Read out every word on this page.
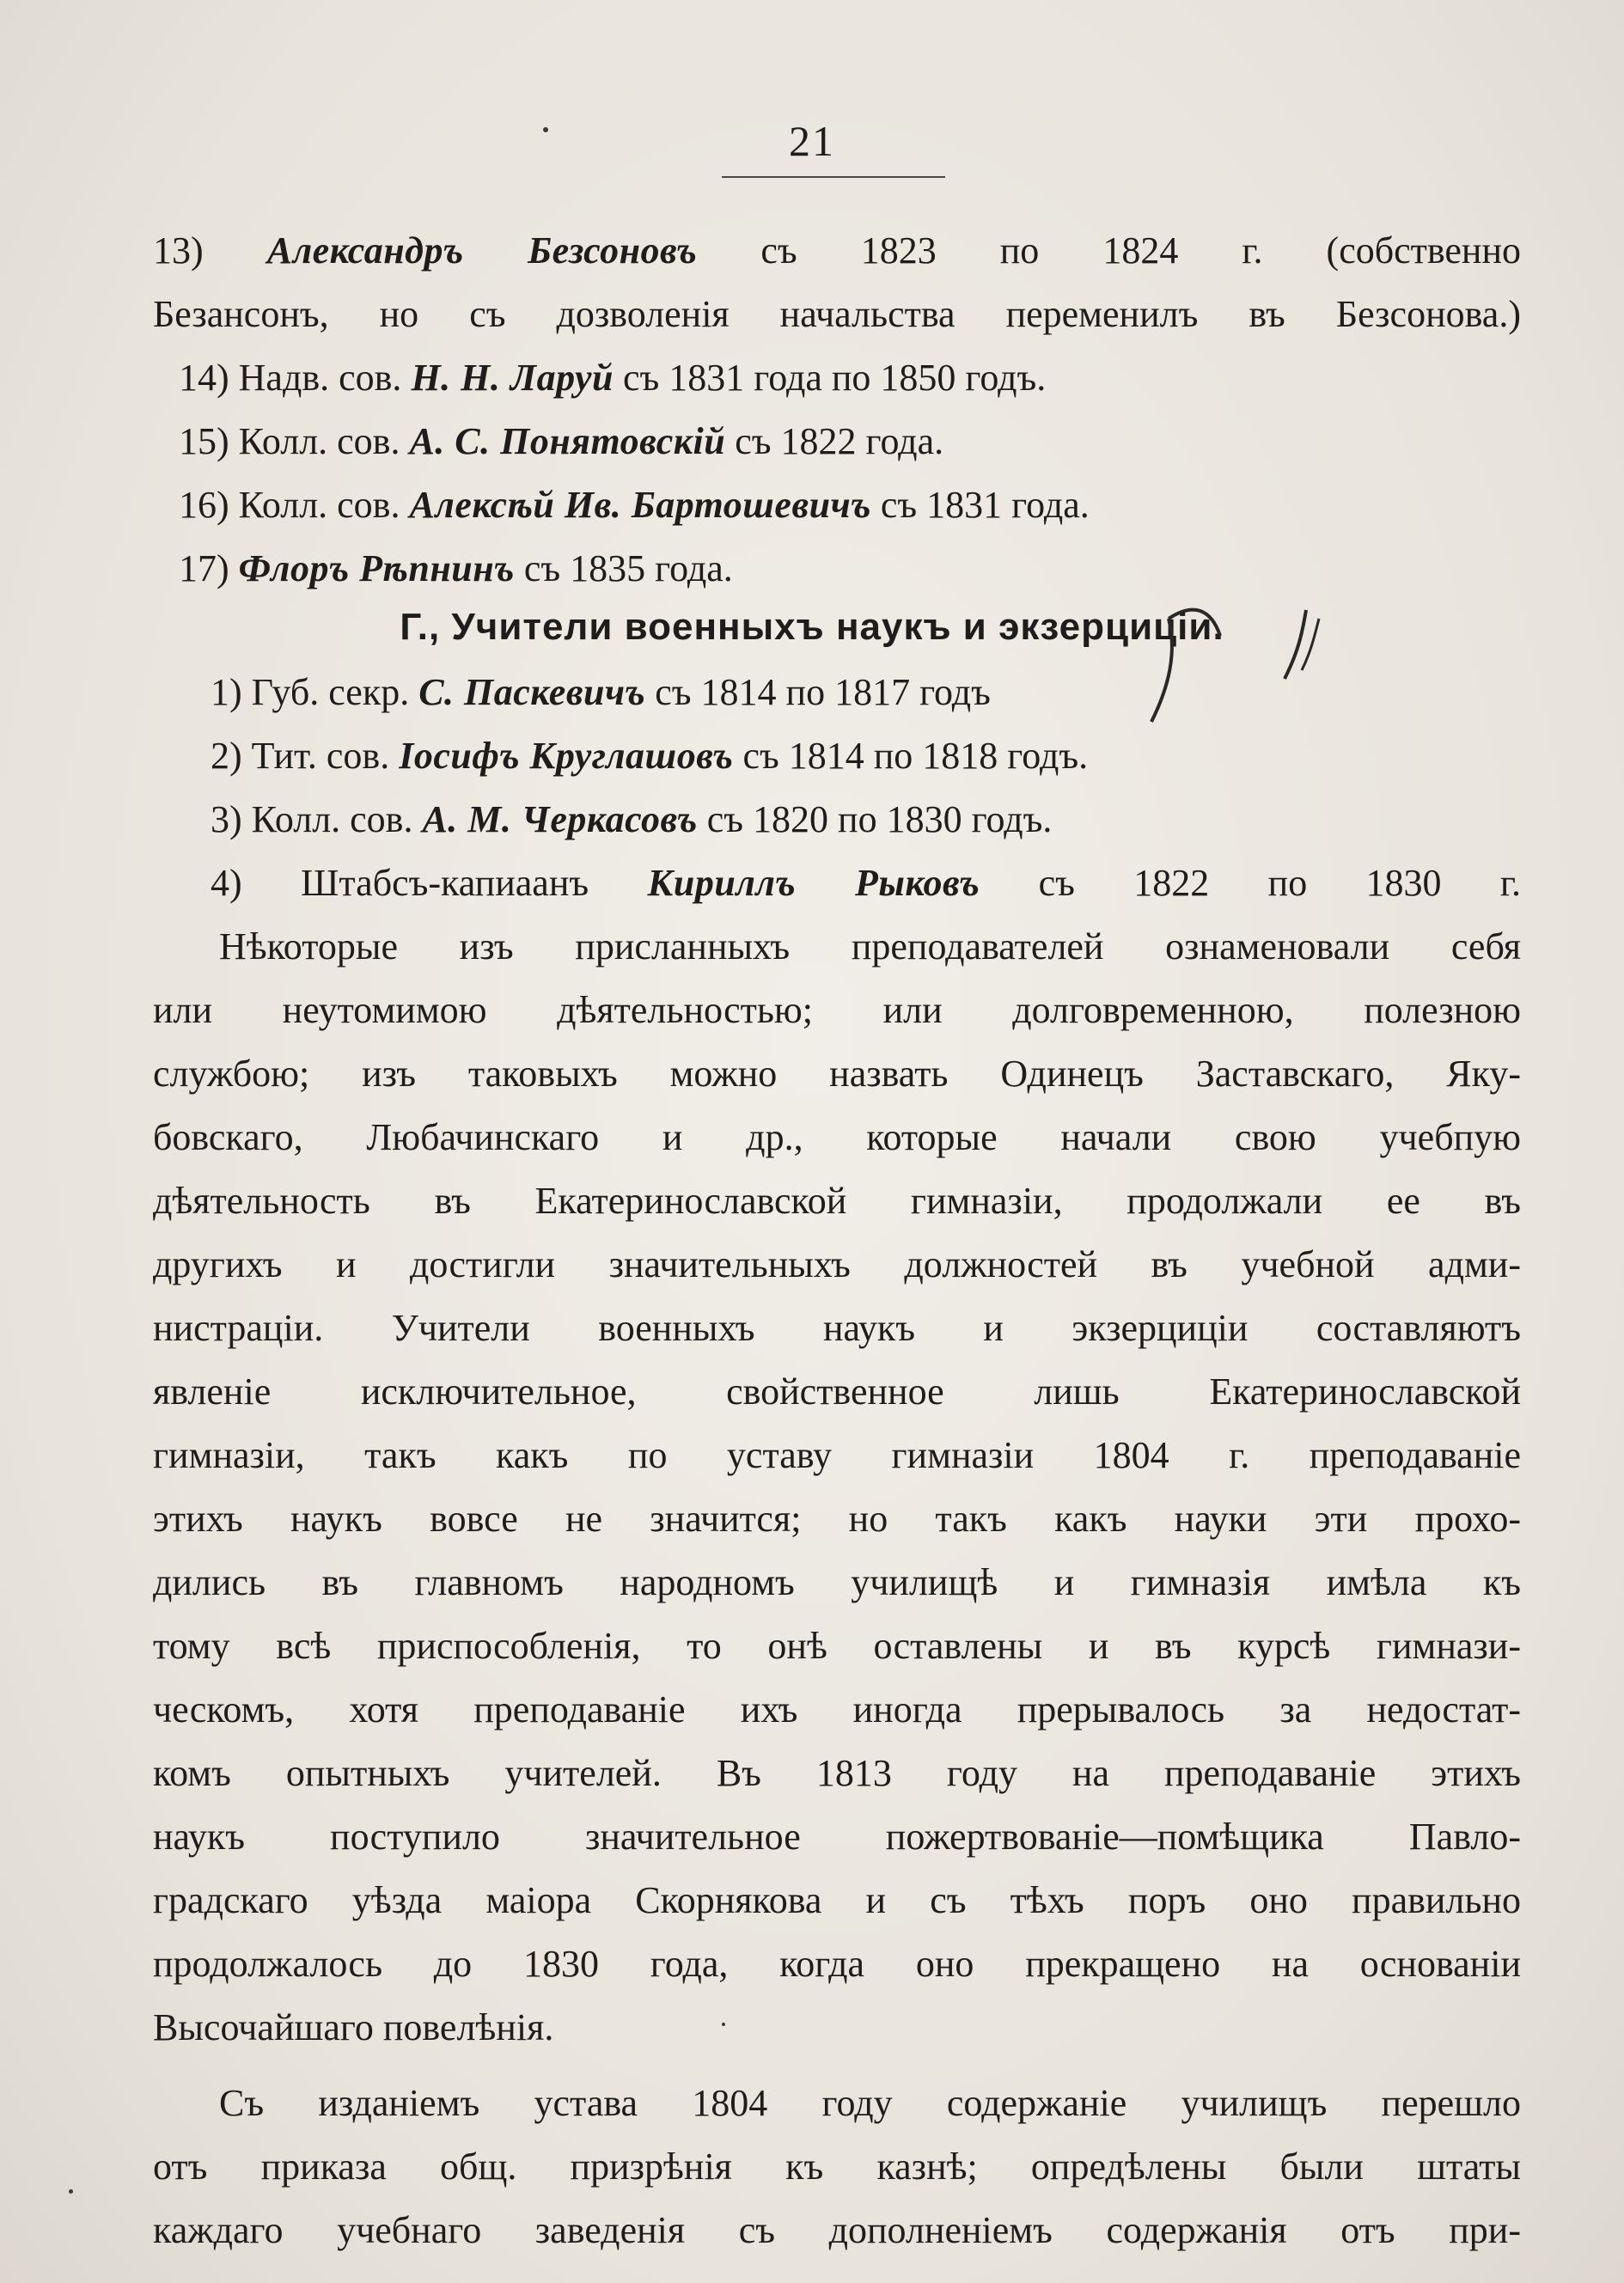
21
13) Александръ Безсоновъ съ 1823 по 1824 г. (собственно
Безансонъ, но съ дозволенія начальства переменилъ въ Безсонова.)
14) Надв. сов. Н. Н. Ларуй съ 1831 года по 1850 годъ.
15) Колл. сов. А. С. Понятовскій съ 1822 года.
16) Колл. сов. Алексѣй Ив. Бартошевичъ съ 1831 года.
17) Флоръ Рѣпнинъ съ 1835 года.
Г., Учители военныхъ наукъ и экзерциціи.
1) Губ. секр. С. Паскевичъ съ 1814 по 1817 годъ
2) Тит. сов. Іосифъ Круглашовъ съ 1814 по 1818 годъ.
3) Колл. сов. А. М. Черкасовъ съ 1820 по 1830 годъ.
4) Штабсъ-капиаанъ Кириллъ Рыковъ съ 1822 по 1830 г.
Нѣкоторые изъ присланныхъ преподавателей ознаменовали себя
или неутомимою дѣятельностью; или долговременною, полезною
службою; изъ таковыхъ можно назвать Одинецъ Заставскаго, Яку-
бовскаго, Любачинскаго и др., которые начали свою учебпую
дѣятельность въ Екатеринославской гимназіи, продолжали ее въ
другихъ и достигли значительныхъ должностей въ учебной адми-
нистраціи. Учители военныхъ наукъ и экзерциціи составляютъ
явленіе исключительное, свойственное лишь Екатеринославской
гимназіи, такъ какъ по уставу гимназіи 1804 г. преподаваніе
этихъ наукъ вовсе не значится; но такъ какъ науки эти прохо-
дились въ главномъ народномъ училищѣ и гимназія имѣла къ
тому всѣ приспособленія, то онѣ оставлены и въ курсѣ гимнази-
ческомъ, хотя преподаваніе ихъ иногда прерывалось за недостат-
комъ опытныхъ учителей. Въ 1813 году на преподаваніе этихъ
наукъ поступило значительное пожертвованіе—помѣщика Павло-
градскаго уѣзда маіора Скорнякова и съ тѣхъ поръ оно правильно
продолжалось до 1830 года, когда оно прекращено на основаніи
Высочайшаго повелѣнія.
Съ изданіемъ устава 1804 году содержаніе училищъ перешло
отъ приказа общ. призрѣнія къ казнѣ; опредѣлены были штаты
каждаго учебнаго заведенія съ дополненіемъ содержанія отъ при-
